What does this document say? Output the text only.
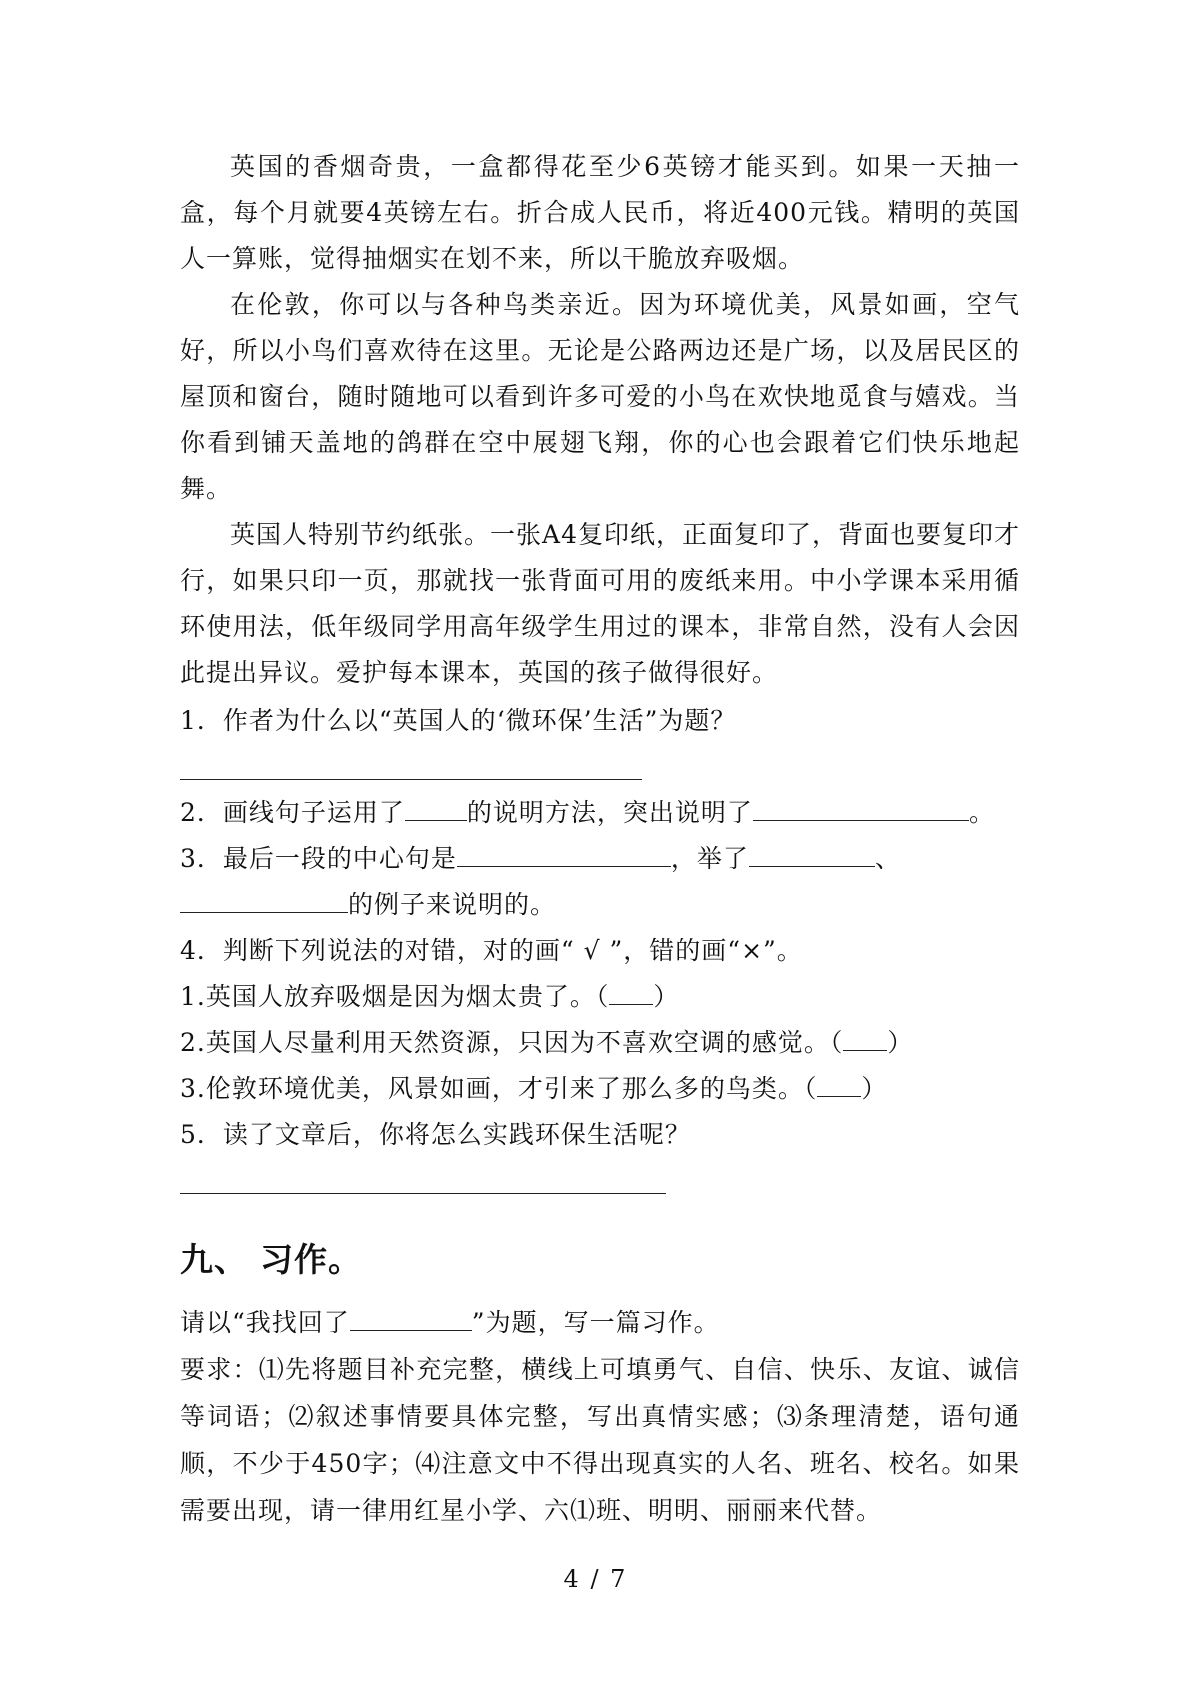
英国的香烟奇贵，一盒都得花至少6英镑才能买到。如果一天抽一盒，每个月就要4英镑左右。折合成人民币，将近400元钱。精明的英国人一算账，觉得抽烟实在划不来，所以干脆放弃吸烟。

在伦敦，你可以与各种鸟类亲近。因为环境优美，风景如画，空气好，所以小鸟们喜欢待在这里。无论是公路两边还是广场，以及居民区的屋顶和窗台，随时随地可以看到许多可爱的小鸟在欢快地觅食与嬉戏。当你看到铺天盖地的鸽群在空中展翅飞翔，你的心也会跟着它们快乐地起舞。

英国人特别节约纸张。一张A4复印纸，正面复印了，背面也要复印才行，如果只印一页，那就找一张背面可用的废纸来用。中小学课本采用循环使用法，低年级同学用高年级学生用过的课本，非常自然，没有人会因此提出异议。爱护每本课本，英国的孩子做得很好。

1．作者为什么以“英国人的‘微环保’生活”为题？

2．画线句子运用了 的说明方法，突出说明了	。

3．最后一段的中心句是	，举了	、

的例子来说明的。

4．判断下列说法的对错，对的画“ √ ”，错的画“×”。

1.英国人放弃吸烟是因为烟太贵了。（ ）

2.英国人尽量利用天然资源，只因为不喜欢空调的感觉。（ ）

3.伦敦环境优美，风景如画，才引来了那么多的鸟类。（ ）

5．读了文章后，你将怎么实践环保生活呢？

九、 习作。

请以“我找回了	”为题，写一篇习作。

要求：⑴先将题目补充完整，横线上可填勇气、自信、快乐、友谊、诚信等词语；⑵叙述事情要具体完整，写出真情实感；⑶条理清楚，语句通顺，不少于450字；⑷注意文中不得出现真实的人名、班名、校名。如果需要出现，请一律用红星小学、六⑴班、明明、丽丽来代替。

4 / 7
